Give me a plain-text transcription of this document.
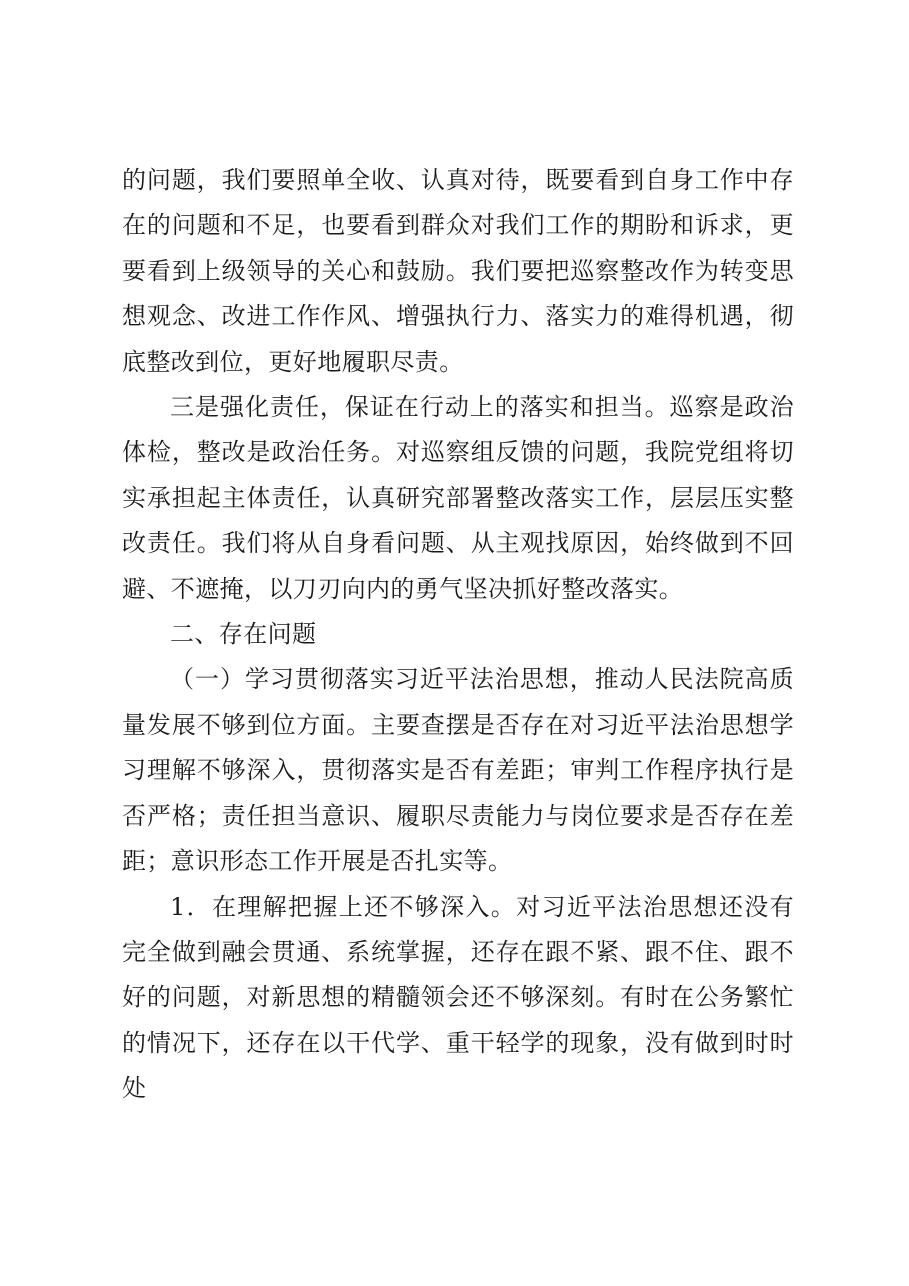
的问题，我们要照单全收、认真对待，既要看到自身工作中存在的问题和不足，也要看到群众对我们工作的期盼和诉求，更要看到上级领导的关心和鼓励。我们要把巡察整改作为转变思想观念、改进工作作风、增强执行力、落实力的难得机遇，彻底整改到位，更好地履职尽责。

三是强化责任，保证在行动上的落实和担当。巡察是政治体检，整改是政治任务。对巡察组反馈的问题，我院党组将切实承担起主体责任，认真研究部署整改落实工作，层层压实整改责任。我们将从自身看问题、从主观找原因，始终做到不回避、不遮掩，以刀刃向内的勇气坚决抓好整改落实。

二、存在问题

（一）学习贯彻落实习近平法治思想，推动人民法院高质量发展不够到位方面。主要查摆是否存在对习近平法治思想学习理解不够深入，贯彻落实是否有差距；审判工作程序执行是否严格；责任担当意识、履职尽责能力与岗位要求是否存在差距；意识形态工作开展是否扎实等。

1．在理解把握上还不够深入。对习近平法治思想还没有完全做到融会贯通、系统掌握，还存在跟不紧、跟不住、跟不好的问题，对新思想的精髓领会还不够深刻。有时在公务繁忙的情况下，还存在以干代学、重干轻学的现象，没有做到时时处
